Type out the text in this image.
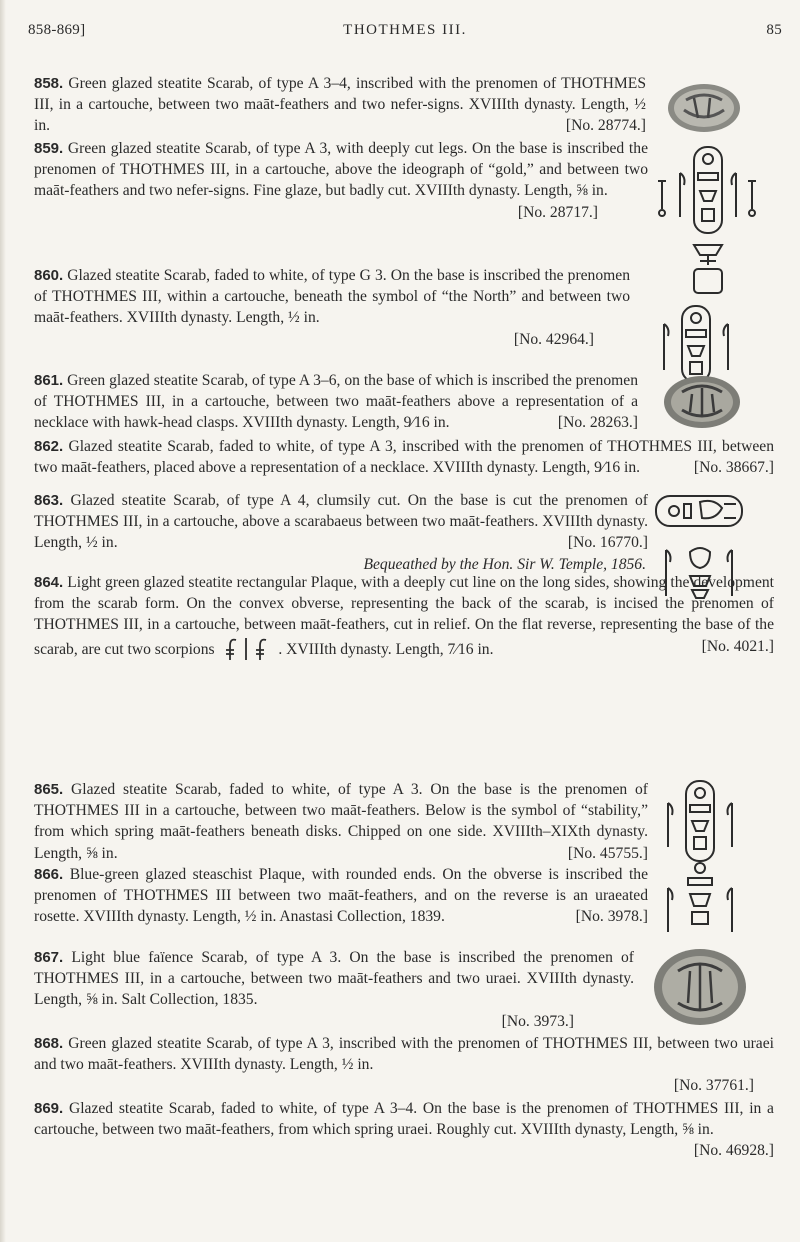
858-869]	THOTHMES III.	85
858. Green glazed steatite Scarab, of type A 3–4, inscribed with the prenomen of THOTHMES III, in a cartouche, between two maāt-feathers and two nefer-signs. XVIIIth dynasty. Length, ½ in.	[No. 28774.]
859. Green glazed steatite Scarab, of type A 3, with deeply cut legs. On the base is inscribed the prenomen of THOTHMES III, in a cartouche, above the ideograph of “gold,” and between two maāt-feathers and two nefer-signs. Fine glaze, but badly cut. XVIIIth dynasty. Length, ⅝ in.
[No. 28717.]
860. Glazed steatite Scarab, faded to white, of type G 3. On the base is inscribed the prenomen of THOTHMES III, within a cartouche, beneath the symbol of “the North” and between two maāt-feathers. XVIIIth dynasty. Length, ½ in.
[No. 42964.]
861. Green glazed steatite Scarab, of type A 3–6, on the base of which is inscribed the prenomen of THOTHMES III, in a cartouche, between two maāt-feathers above a representation of a necklace with hawk-head clasps. XVIIIth dynasty. Length, 9⁄16 in.	[No. 28263.]
862. Glazed steatite Scarab, faded to white, of type A 3, inscribed with the prenomen of THOTHMES III, between two maāt-feathers, placed above a representation of a necklace. XVIIIth dynasty. Length, 9⁄16 in.	[No. 38667.]
863. Glazed steatite Scarab, of type A 4, clumsily cut. On the base is cut the prenomen of THOTHMES III, in a cartouche, above a scarabaeus between two maāt-feathers. XVIIIth dynasty. Length, ½ in.	[No. 16770.]
Bequeathed by the Hon. Sir W. Temple, 1856.
864. Light green glazed steatite rectangular Plaque, with a deeply cut line on the long sides, showing the development from the scarab form. On the convex obverse, representing the back of the scarab, is incised the prenomen of THOTHMES III, in a cartouche, between maāt-feathers, cut in relief. On the flat reverse, representing the base of the scarab, are cut two scorpions	. XVIIIth dynasty. Length, 7⁄16 in.	[No. 4021.]
865. Glazed steatite Scarab, faded to white, of type A 3. On the base is the prenomen of THOTHMES III in a cartouche, between two maāt-feathers. Below is the symbol of “stability,” from which spring maāt-feathers beneath disks. Chipped on one side. XVIIIth–XIXth dynasty. Length, ⅝ in.	[No. 45755.]
866. Blue-green glazed steaschist Plaque, with rounded ends. On the obverse is inscribed the prenomen of THOTHMES III between two maāt-feathers, and on the reverse is an uraeated rosette. XVIIIth dynasty. Length, ½ in. Anastasi Collection, 1839.	[No. 3978.]
867. Light blue faïence Scarab, of type A 3. On the base is inscribed the prenomen of THOTHMES III, in a cartouche, between two maāt-feathers and two uraei. XVIIIth dynasty. Length, ⅝ in. Salt Collection, 1835.
[No. 3973.]
868. Green glazed steatite Scarab, of type A 3, inscribed with the prenomen of THOTHMES III, between two uraei and two maāt-feathers. XVIIIth dynasty. Length, ½ in.
[No. 37761.]
869. Glazed steatite Scarab, faded to white, of type A 3–4. On the base is the prenomen of THOTHMES III, in a cartouche, between two maāt-feathers, from which spring uraei. Roughly cut. XVIIIth dynasty, Length, ⅝ in.
[No. 46928.]
